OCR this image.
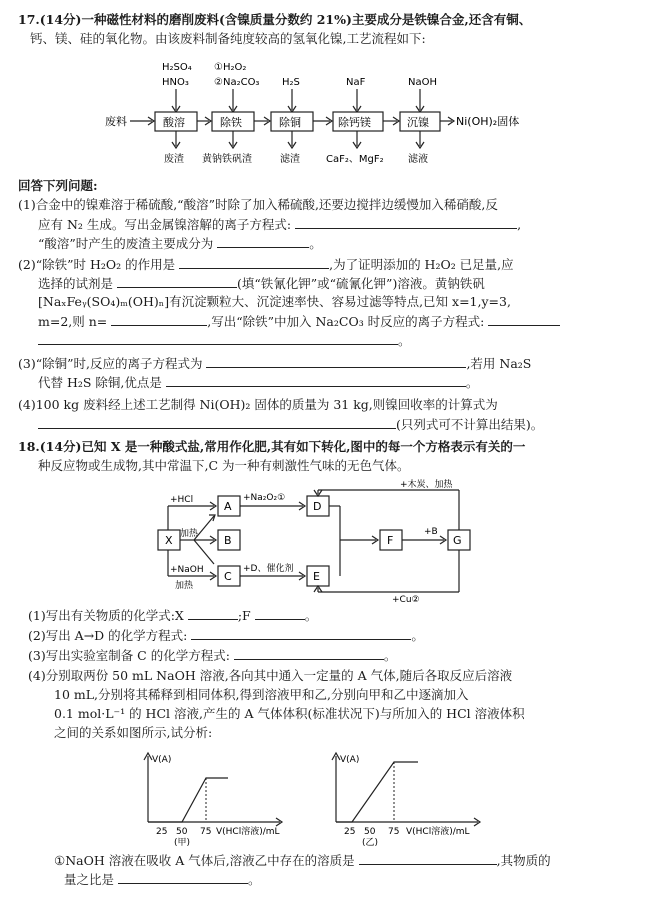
17.(14分)一种磁性材料的磨削废料(含镍质量分数约 21%)主要成分是铁镍合金,还含有铜、
钙、镁、硅的氧化物。由该废料制备纯度较高的氢氧化镍,工艺流程如下:
H₂SO₄
HNO₃
①H₂O₂
②Na₂CO₃ H₂S	NaF	NaOH
废料	酸溶	除铁	除铜	除钙镁	沉镍 Ni(OH)₂固体
废渣 黄钠铁矾渣	滤渣	CaF₂、MgF₂ 滤液
回答下列问题:
(1)合金中的镍难溶于稀硫酸,“酸溶”时除了加入稀硫酸,还要边搅拌边缓慢加入稀硝酸,反
应有 N₂ 生成。写出金属镍溶解的离子方程式:	,
“酸溶”时产生的废渣主要成分为	。
(2)“除铁”时 H₂O₂ 的作用是	,为了证明添加的 H₂O₂ 已足量,应
选择的试剂是	(填“铁氰化钾”或“硫氰化钾”)溶液。黄钠铁矾
[NaₓFeᵧ(SO₄)ₘ(OH)ₙ]有沉淀颗粒大、沉淀速率快、容易过滤等特点,已知 x=1,y=3,
m=2,则 n=	,写出“除铁”中加入 Na₂CO₃ 时反应的离子方程式:
。
(3)“除铜”时,反应的离子方程式为	,若用 Na₂S
代替 H₂S 除铜,优点是	。
(4)100 kg 废料经上述工艺制得 Ni(OH)₂ 固体的质量为 31 kg,则镍回收率的计算式为
(只列式可不计算出结果)。
18.(14分)已知 X 是一种酸式盐,常用作化肥,其有如下转化,图中的每一个方格表示有关的一
种反应物或生成物,其中常温下,C 为一种有刺激性气味的无色气体。
X
+HCl
+NaOH
加热
加热
A
B
C
+Na₂O₂①
+D、催化剂
D
E
F
+B
G
+木炭、加热
+Cu②
(1)写出有关物质的化学式:X	;F	。
(2)写出 A→D 的化学方程式:	。
(3)写出实验室制备 C 的化学方程式:	。
(4)分别取两份 50 mL NaOH 溶液,各向其中通入一定量的 A 气体,随后各取反应后溶液
10 mL,分别将其稀释到相同体积,得到溶液甲和乙,分别向甲和乙中逐滴加入
0.1 mol·L⁻¹ 的 HCl 溶液,产生的 A 气体体积(标准状况下)与所加入的 HCl 溶液体积
之间的关系如图所示,试分析:
V(A)
25 50 75 V(HCl溶液)/mL
(甲)
V(A)
25 50 75 V(HCl溶液)/mL
(乙)
①NaOH 溶液在吸收 A 气体后,溶液乙中存在的溶质是	,其物质的
量之比是	。
